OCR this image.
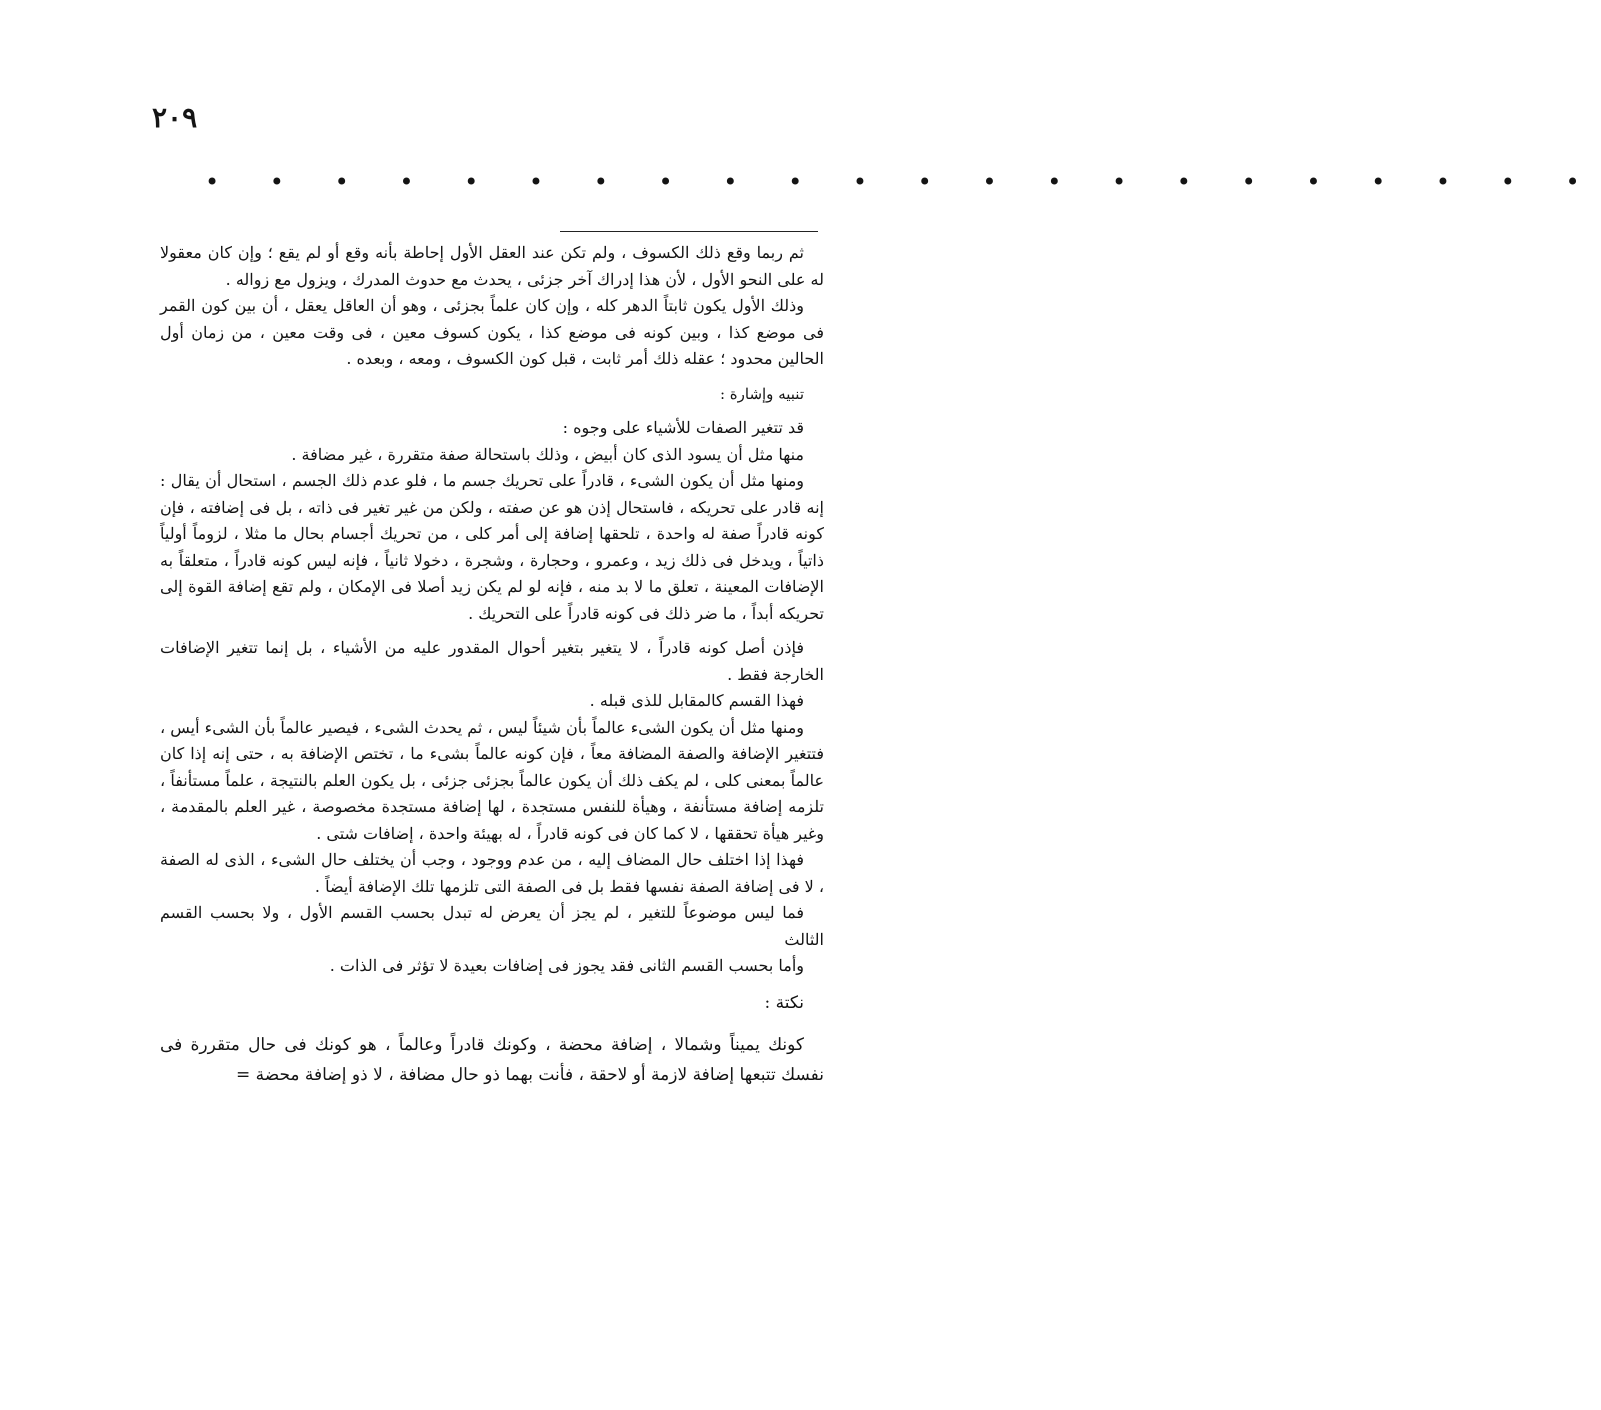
٢٠٩
• • • • • • • • • • • • • • • • • • • • • •

ثم ربما وقع ذلك الكسوف ، ولم تكن عند العقل الأول إحاطة بأنه وقع أو لم يقع ؛ وإن كان معقولا له على النحو الأول ، لأن هذا إدراك آخر جزئى ، يحدث مع حدوث المدرك ، ويزول مع زواله .

وذلك الأول يكون ثابتاً الدهر كله ، وإن كان علماً بجزئى ، وهو أن العاقل يعقل ، أن بين كون القمر فى موضع كذا ، وبين كونه فى موضع كذا ، يكون كسوف معين ، فى وقت معين ، من زمان أول الحالين محدود ؛ عقله ذلك أمر ثابت ، قبل كون الكسوف ، ومعه ، وبعده .

تنبيه وإشارة :

قد تتغير الصفات للأشياء على وجوه :

منها مثل أن يسود الذى كان أبيض ، وذلك باستحالة صفة متقررة ، غير مضافة .

ومنها مثل أن يكون الشىء ، قادراً على تحريك جسم ما ، فلو عدم ذلك الجسم ، استحال أن يقال : إنه قادر على تحريكه ، فاستحال إذن هو عن صفته ، ولكن من غير تغير فى ذاته ، بل فى إضافته ، فإن كونه قادراً صفة له واحدة ، تلحقها إضافة إلى أمر كلى ، من تحريك أجسام بحال ما مثلا ، لزوماً أولياً ذاتياً ، ويدخل فى ذلك زيد ، وعمرو ، وحجارة ، وشجرة ، دخولا ثانياً ، فإنه ليس كونه قادراً ، متعلقاً به الإضافات المعينة ، تعلق ما لا بد منه ، فإنه لو لم يكن زيد أصلا فى الإمكان ، ولم تقع إضافة القوة إلى تحريكه أبداً ، ما ضر ذلك فى كونه قادراً على التحريك .

فإذن أصل كونه قادراً ، لا يتغير بتغير أحوال المقدور عليه من الأشياء ، بل إنما تتغير الإضافات الخارجة فقط .

فهذا القسم كالمقابل للذى قبله .

ومنها مثل أن يكون الشىء عالماً بأن شيئاً ليس ، ثم يحدث الشىء ، فيصير عالماً بأن الشىء أيس ، فتتغير الإضافة والصفة المضافة معاً ، فإن كونه عالماً بشىء ما ، تختص الإضافة به ، حتى إنه إذا كان عالماً بمعنى كلى ، لم يكف ذلك أن يكون عالماً بجزئى جزئى ، بل يكون العلم بالنتيجة ، علماً مستأنفاً ، تلزمه إضافة مستأنفة ، وهيأة للنفس مستجدة ، لها إضافة مستجدة مخصوصة ، غير العلم بالمقدمة ، وغير هيأة تحققها ، لا كما كان فى كونه قادراً ، له بهيئة واحدة ، إضافات شتى .

فهذا إذا اختلف حال المضاف إليه ، من عدم ووجود ، وجب أن يختلف حال الشىء ، الذى له الصفة ، لا فى إضافة الصفة نفسها فقط بل فى الصفة التى تلزمها تلك الإضافة أيضاً .

فما ليس موضوعاً للتغير ، لم يجز أن يعرض له تبدل بحسب القسم الأول ، ولا بحسب القسم الثالث

وأما بحسب القسم الثانى فقد يجوز فى إضافات بعيدة لا تؤثر فى الذات .

نكتة :

كونك يميناً وشمالا ، إضافة محضة ، وكونك قادراً وعالماً ، هو كونك فى حال متقررة فى نفسك تتبعها إضافة لازمة أو لاحقة ، فأنت بهما ذو حال مضافة ، لا ذو إضافة محضة =
